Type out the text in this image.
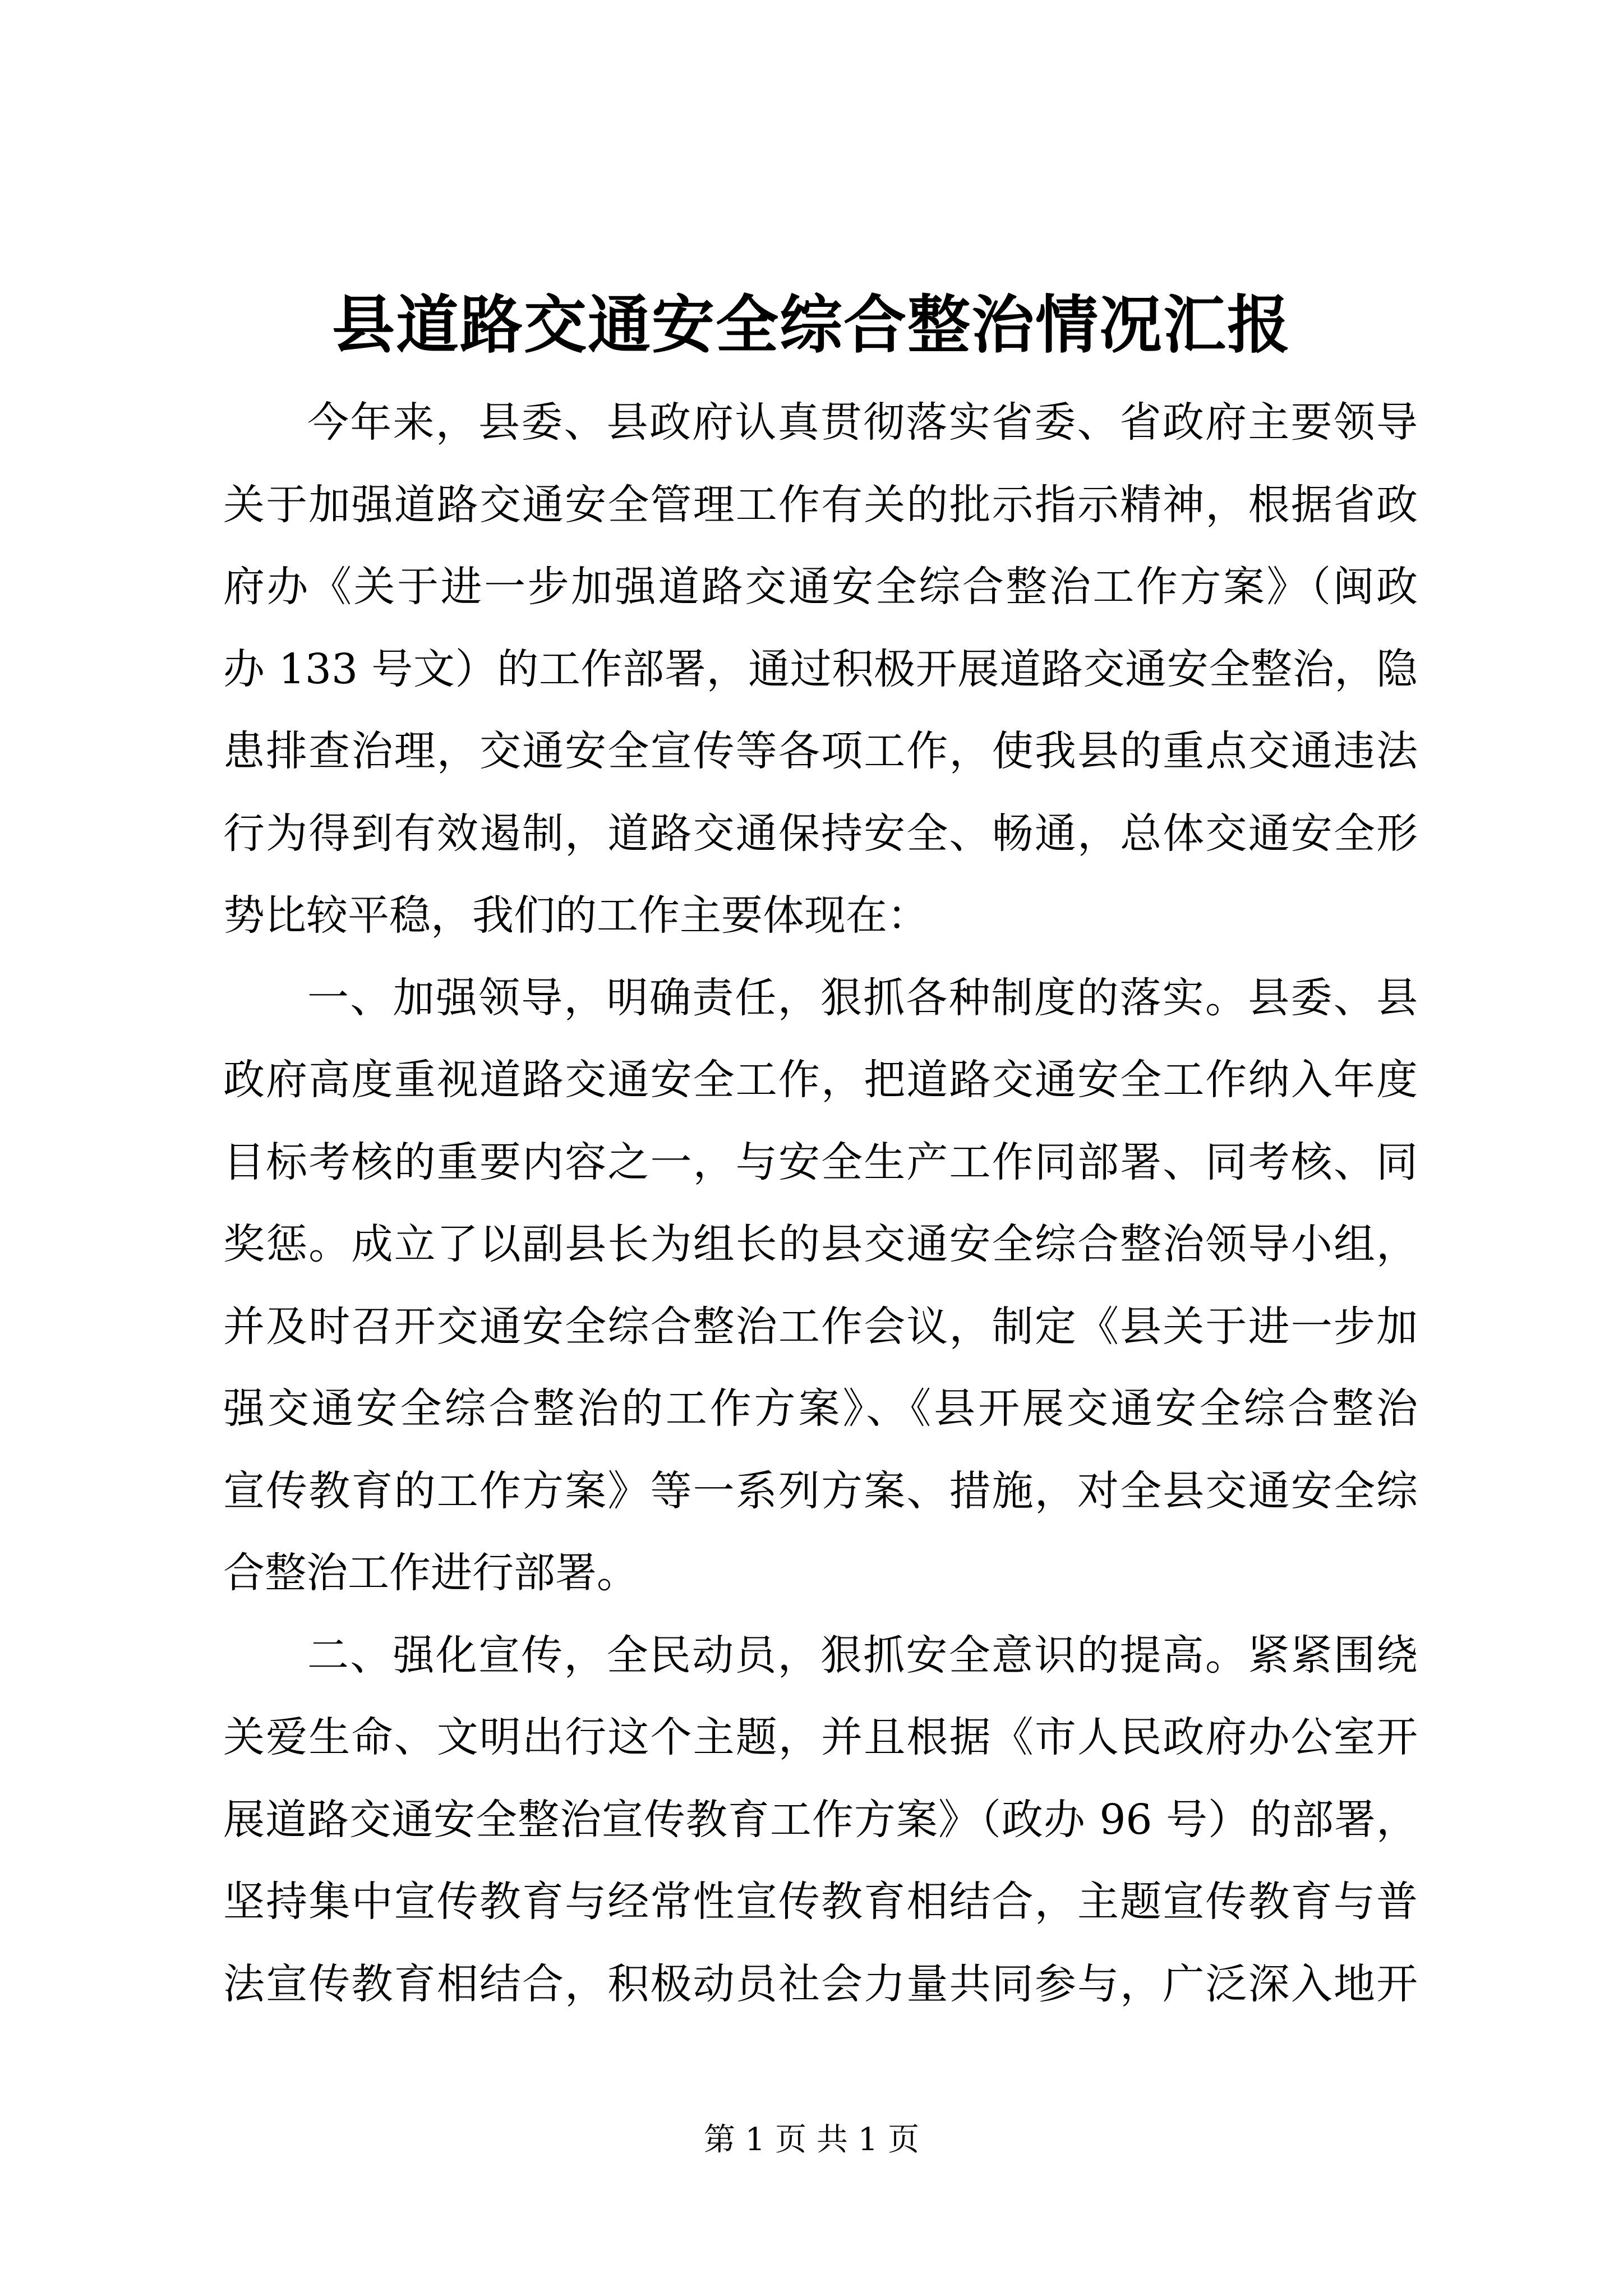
县道路交通安全综合整治情况汇报
今年来，县委、县政府认真贯彻落实省委、省政府主要领导
关于加强道路交通安全管理工作有关的批示指示精神，根据省政
府办《关于进一步加强道路交通安全综合整治工作方案》（闽政
办 133 号文）的工作部署，通过积极开展道路交通安全整治，隐
患排查治理，交通安全宣传等各项工作，使我县的重点交通违法
行为得到有效遏制，道路交通保持安全、畅通，总体交通安全形
势比较平稳，我们的工作主要体现在：
一、加强领导，明确责任，狠抓各种制度的落实。县委、县
政府高度重视道路交通安全工作，把道路交通安全工作纳入年度
目标考核的重要内容之一，与安全生产工作同部署、同考核、同
奖惩。成立了以副县长为组长的县交通安全综合整治领导小组，
并及时召开交通安全综合整治工作会议，制定《县关于进一步加
强交通安全综合整治的工作方案》、《县开展交通安全综合整治
宣传教育的工作方案》等一系列方案、措施，对全县交通安全综
合整治工作进行部署。
二、强化宣传，全民动员，狠抓安全意识的提高。紧紧围绕
关爱生命、文明出行这个主题，并且根据《市人民政府办公室开
展道路交通安全整治宣传教育工作方案》（政办 96 号）的部署，
坚持集中宣传教育与经常性宣传教育相结合，主题宣传教育与普
法宣传教育相结合，积极动员社会力量共同参与，广泛深入地开
第 1 页 共 1 页
